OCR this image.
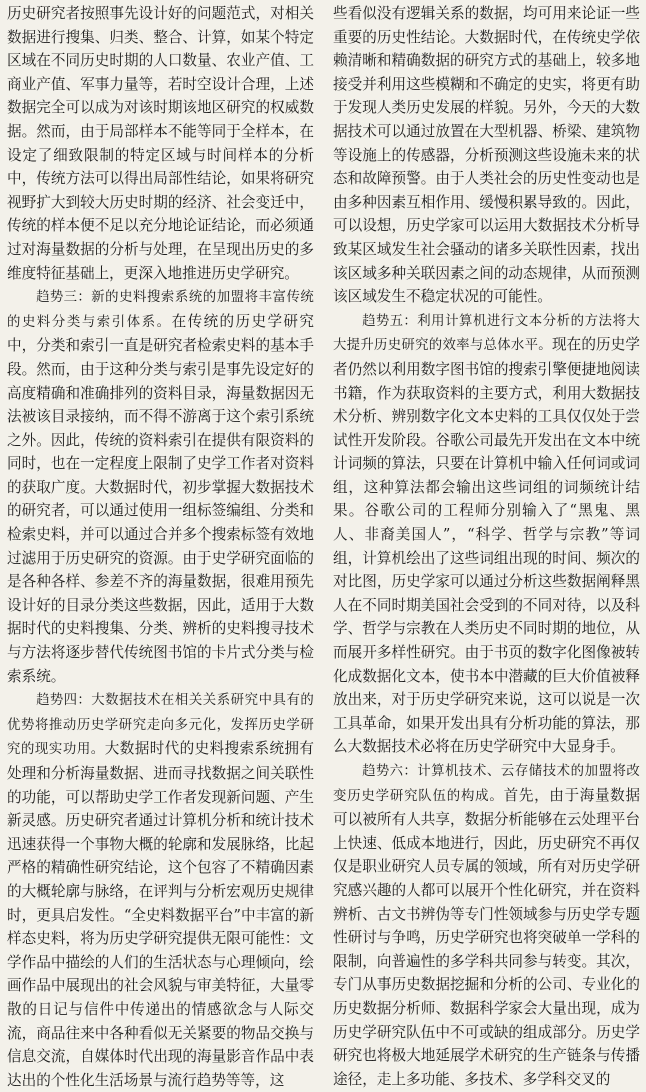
历史研究者按照事先设计好的问题范式，对相关数据进行搜集、归类、整合、计算，如某个特定区域在不同历史时期的人口数量、农业产值、工商业产值、军事力量等，若时空设计合理，上述数据完全可以成为对该时期该地区研究的权威数据。然而，由于局部样本不能等同于全样本，在设定了细致限制的特定区域与时间样本的分析中，传统方法可以得出局部性结论，如果将研究视野扩大到较大历史时期的经济、社会变迁中，传统的样本便不足以充分地论证结论，而必须通过对海量数据的分析与处理，在呈现出历史的多维度特征基础上，更深入地推进历史学研究。

趋势三：新的史料搜索系统的加盟将丰富传统的史料分类与索引体系。在传统的历史学研究中，分类和索引一直是研究者检索史料的基本手段。然而，由于这种分类与索引是事先设定好的高度精确和准确排列的资料目录，海量数据因无法被该目录接纳，而不得不游离于这个索引系统之外。因此，传统的资料索引在提供有限资料的同时，也在一定程度上限制了史学工作者对资料的获取广度。大数据时代，初步掌握大数据技术的研究者，可以通过使用一组标签编组、分类和检索史料，并可以通过合并多个搜索标签有效地过滤用于历史研究的资源。由于史学研究面临的是各种各样、参差不齐的海量数据，很难用预先设计好的目录分类这些数据，因此，适用于大数据时代的史料搜集、分类、辨析的史料搜寻技术与方法将逐步替代传统图书馆的卡片式分类与检索系统。

趋势四：大数据技术在相关关系研究中具有的优势将推动历史学研究走向多元化，发挥历史学研究的现实功用。大数据时代的史料搜索系统拥有处理和分析海量数据、进而寻找数据之间关联性的功能，可以帮助史学工作者发现新问题、产生新灵感。历史研究者通过计算机分析和统计技术迅速获得一个事物大概的轮廓和发展脉络，比起严格的精确性研究结论，这个包容了不精确因素的大概轮廓与脉络，在评判与分析宏观历史规律时，更具启发性。“全史料数据平台”中丰富的新样态史料，将为历史学研究提供无限可能性：文学作品中描绘的人们的生活状态与心理倾向，绘画作品中展现出的社会风貌与审美特征，大量零散的日记与信件中传递出的情感欲念与人际交流，商品往来中各种看似无关紧要的物品交换与信息交流，自媒体时代出现的海量影音作品中表达出的个性化生活场景与流行趋势等等，这

些看似没有逻辑关系的数据，均可用来论证一些重要的历史性结论。大数据时代，在传统史学依赖清晰和精确数据的研究方式的基础上，较多地接受并利用这些模糊和不确定的史实，将更有助于发现人类历史发展的样貌。另外，今天的大数据技术可以通过放置在大型机器、桥梁、建筑物等设施上的传感器，分析预测这些设施未来的状态和故障预警。由于人类社会的历史性变动也是由多种因素互相作用、缓慢积累导致的。因此，可以设想，历史学家可以运用大数据技术分析导致某区域发生社会骚动的诸多关联性因素，找出该区域多种关联因素之间的动态规律，从而预测该区域发生不稳定状况的可能性。

趋势五：利用计算机进行文本分析的方法将大大提升历史研究的效率与总体水平。现在的历史学者仍然以利用数字图书馆的搜索引擎便捷地阅读书籍，作为获取资料的主要方式，利用大数据技术分析、辨别数字化文本史料的工具仅仅处于尝试性开发阶段。谷歌公司最先开发出在文本中统计词频的算法，只要在计算机中输入任何词或词组，这种算法都会输出这些词组的词频统计结果。谷歌公司的工程师分别输入了“黑鬼、黑人、非裔美国人”，“科学、哲学与宗教”等词组，计算机绘出了这些词组出现的时间、频次的对比图，历史学家可以通过分析这些数据阐释黑人在不同时期美国社会受到的不同对待，以及科学、哲学与宗教在人类历史不同时期的地位，从而展开多样性研究。由于书页的数字化图像被转化成数据化文本，使书本中潜藏的巨大价值被释放出来，对于历史学研究来说，这可以说是一次工具革命，如果开发出具有分析功能的算法，那么大数据技术必将在历史学研究中大显身手。

趋势六：计算机技术、云存储技术的加盟将改变历史学研究队伍的构成。首先，由于海量数据可以被所有人共享，数据分析能够在云处理平台上快速、低成本地进行，因此，历史研究不再仅仅是职业研究人员专属的领域，所有对历史学研究感兴趣的人都可以展开个性化研究，并在资料辨析、古文书辨伪等专门性领域参与历史学专题性研讨与争鸣，历史学研究也将突破单一学科的限制，向普遍性的多学科共同参与转变。其次，专门从事历史数据挖掘和分析的公司、专业化的历史数据分析师、数据科学家会大量出现，成为历史学研究队伍中不可或缺的组成部分。历史学研究也将极大地延展学术研究的生产链条与传播途径，走上多功能、多技术、多学科交叉的
